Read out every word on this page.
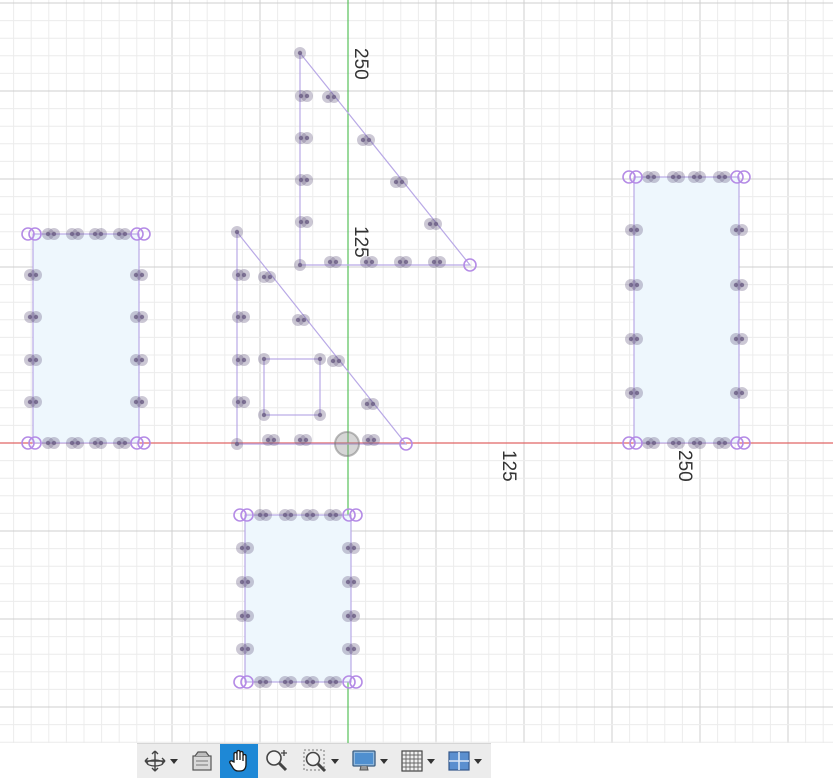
250
125
125	250
